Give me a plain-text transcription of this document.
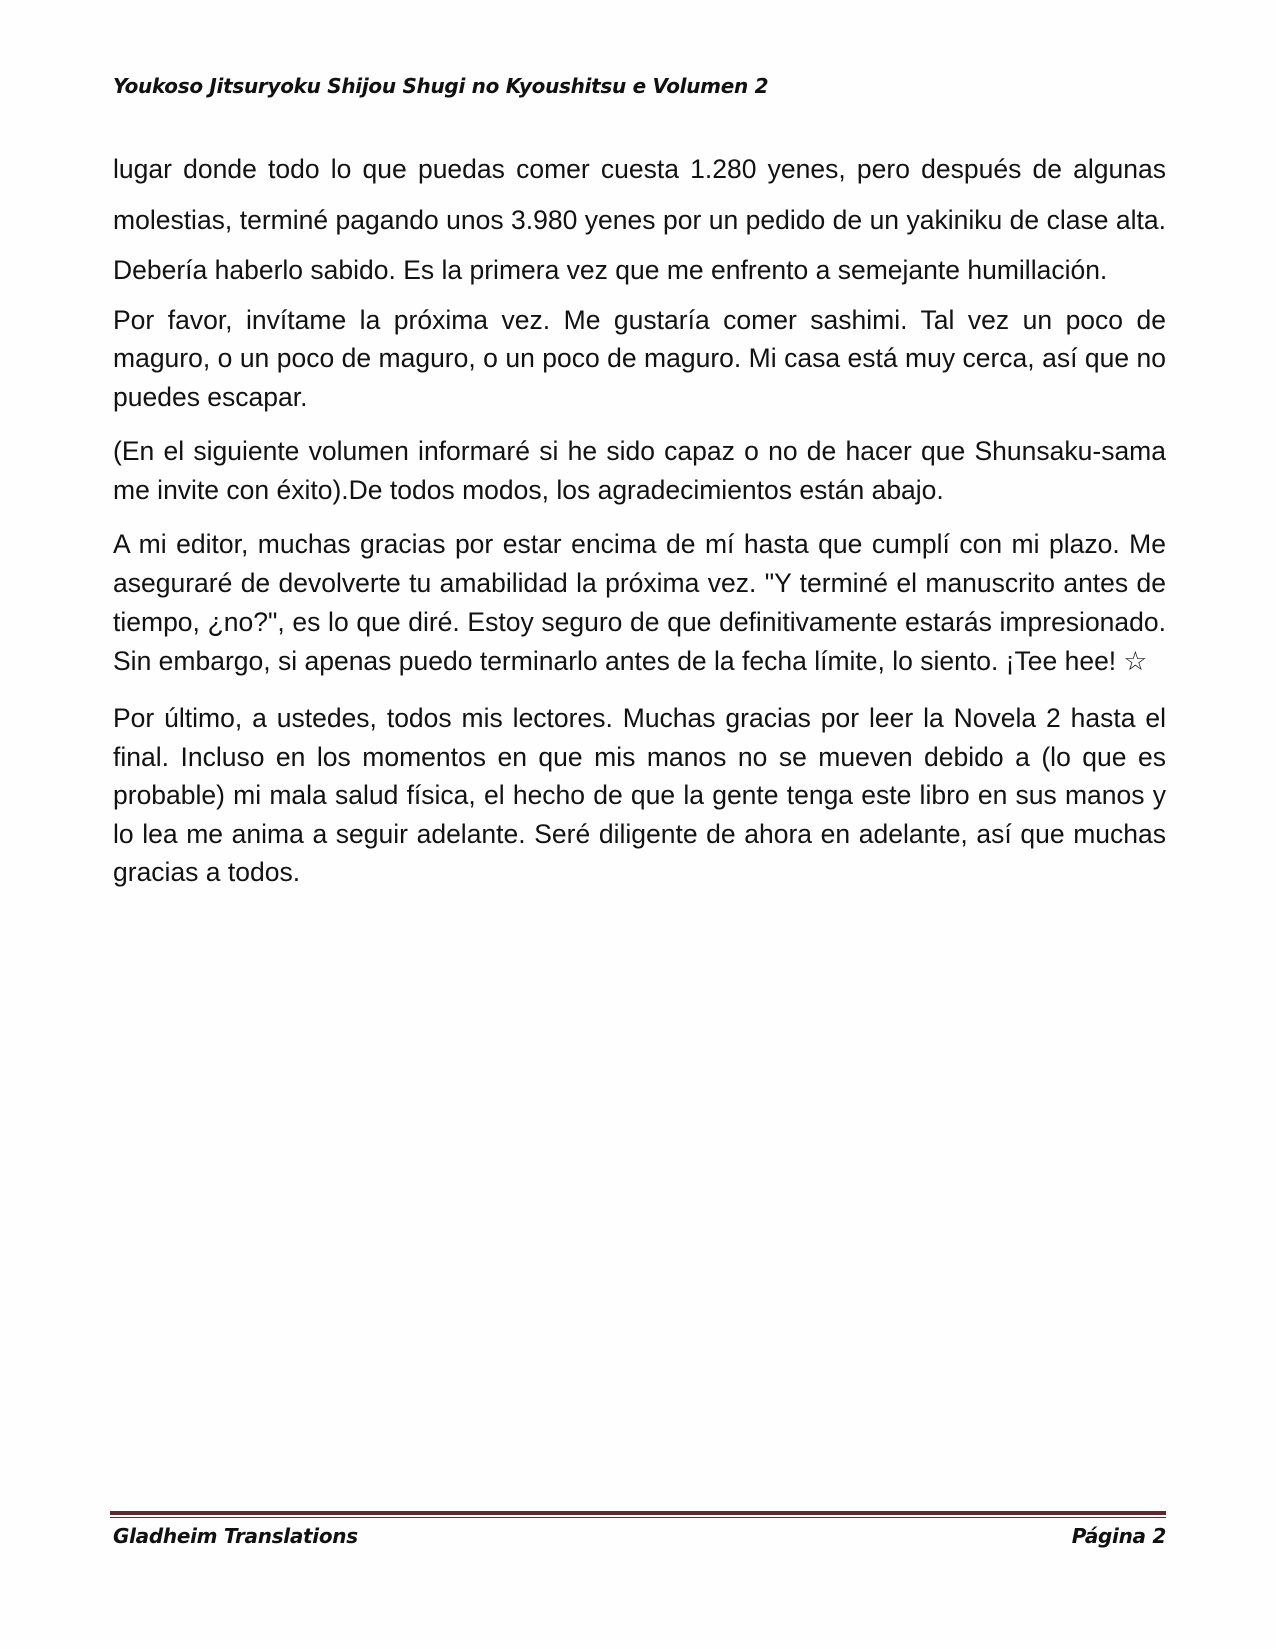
Youkoso Jitsuryoku Shijou Shugi no Kyoushitsu e Volumen 2

lugar donde todo lo que puedas comer cuesta 1.280 yenes, pero después de algunas molestias, terminé pagando unos 3.980 yenes por un pedido de un yakiniku de clase alta. Debería haberlo sabido. Es la primera vez que me enfrento a semejante humillación.

Por favor, invítame la próxima vez. Me gustaría comer sashimi. Tal vez un poco de maguro, o un poco de maguro, o un poco de maguro. Mi casa está muy cerca, así que no puedes escapar.

(En el siguiente volumen informaré si he sido capaz o no de hacer que Shunsaku-sama me invite con éxito).De todos modos, los agradecimientos están abajo.

A mi editor, muchas gracias por estar encima de mí hasta que cumplí con mi plazo. Me aseguraré de devolverte tu amabilidad la próxima vez. "Y terminé el manuscrito antes de tiempo, ¿no?", es lo que diré. Estoy seguro de que definitivamente estarás impresionado. Sin embargo, si apenas puedo terminarlo antes de la fecha límite, lo siento. ¡Tee hee! ☆

Por último, a ustedes, todos mis lectores. Muchas gracias por leer la Novela 2 hasta el final. Incluso en los momentos en que mis manos no se mueven debido a (lo que es probable) mi mala salud física, el hecho de que la gente tenga este libro en sus manos y lo lea me anima a seguir adelante. Seré diligente de ahora en adelante, así que muchas gracias a todos.

Gladheim Translations	Página 2
